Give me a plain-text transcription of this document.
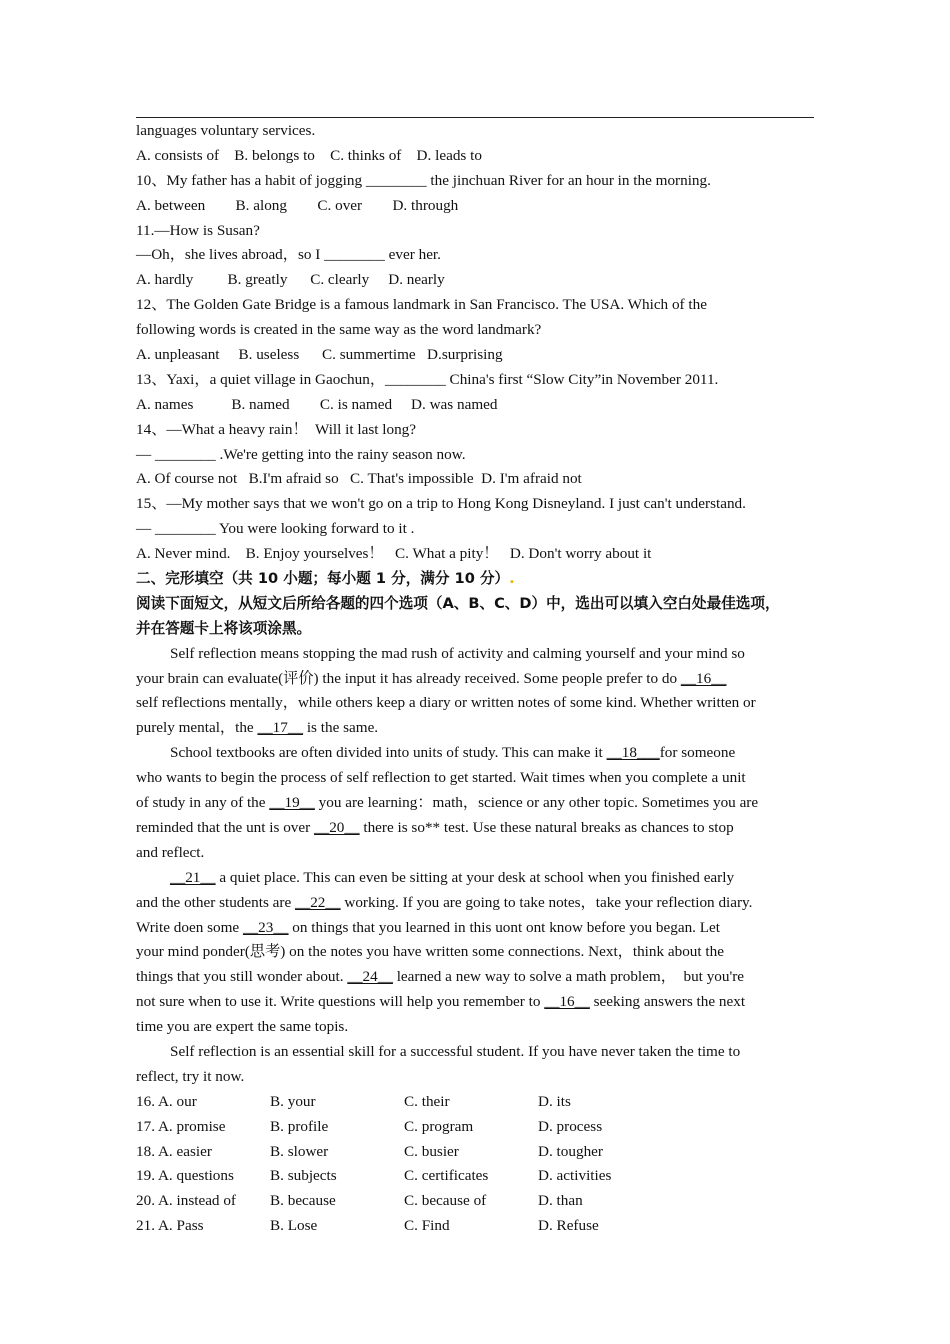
languages voluntary services.
A. consists of    B. belongs to    C. thinks of    D. leads to
10、My father has a habit of jogging ________ the jinchuan River for an hour in the morning.
A. between        B. along        C. over        D. through
11.—How is Susan?
—Oh，she lives abroad，so I ________ ever her.
A. hardly         B. greatly      C. clearly     D. nearly
12、The Golden Gate Bridge is a famous landmark in San Francisco. The USA. Which of the
following words is created in the same way as the word landmark?
A. unpleasant     B. useless      C. summertime   D.surprising
13、Yaxi，a quiet village in Gaochun，________ China's first “Slow City”in November 2011.
A. names          B. named        C. is named     D. was named
14、—What a heavy rain！  Will it last long?
— ________ .We're getting into the rainy season now.
A. Of course not   B.I'm afraid so   C. That's impossible  D. I'm afraid not
15、—My mother says that we won't go on a trip to Hong Kong Disneyland. I just can't understand.
— ________ You were looking forward to it .
A. Never mind.    B. Enjoy yourselves！   C. What a pity！   D. Don't worry about it
二、完形填空（共 10 小题；每小题 1 分，满分 10 分）.
阅读下面短文，从短文后所给各题的四个选项（A、B、C、D）中，选出可以填入空白处最佳选项，
并在答题卡上将该项涂黑。
Self reflection means stopping the mad rush of activity and calming yourself and your mind so
your brain can evaluate(评价) the input it has already received. Some people prefer to do __16__
self reflections mentally，while others keep a diary or written notes of some kind. Whether written or
purely mental，the __17__ is the same.
School textbooks are often divided into units of study. This can make it __18___for someone
who wants to begin the process of self reflection to get started. Wait times when you complete a unit
of study in any of the __19__ you are learning：math，science or any other topic. Sometimes you are
reminded that the unt is over __20__ there is so** test. Use these natural breaks as chances to stop
and reflect.
__21__ a quiet place. This can even be sitting at your desk at school when you finished early
and the other students are __22__ working. If you are going to take notes，take your reflection diary.
Write doen some __23__ on things that you learned in this uont ont know before you began. Let
your mind ponder(思考) on the notes you have written some connections. Next，think about the
things that you still wonder about. __24__ learned a new way to solve a math problem，  but you're
not sure when to use it. Write questions will help you remember to __16__ seeking answers the next
time you are expert the same topis.
Self reflection is an essential skill for a successful student. If you have never taken the time to
reflect, try it now.
16. A. our	B. your	C. their	D. its
17. A. promise	B. profile	C. program	D. process
18. A. easier	B. slower	C. busier	D. tougher
19. A. questions	B. subjects	C. certificates	D. activities
20. A. instead of	B. because	C. because of	D. than
21. A. Pass	B. Lose	C. Find	D. Refuse
